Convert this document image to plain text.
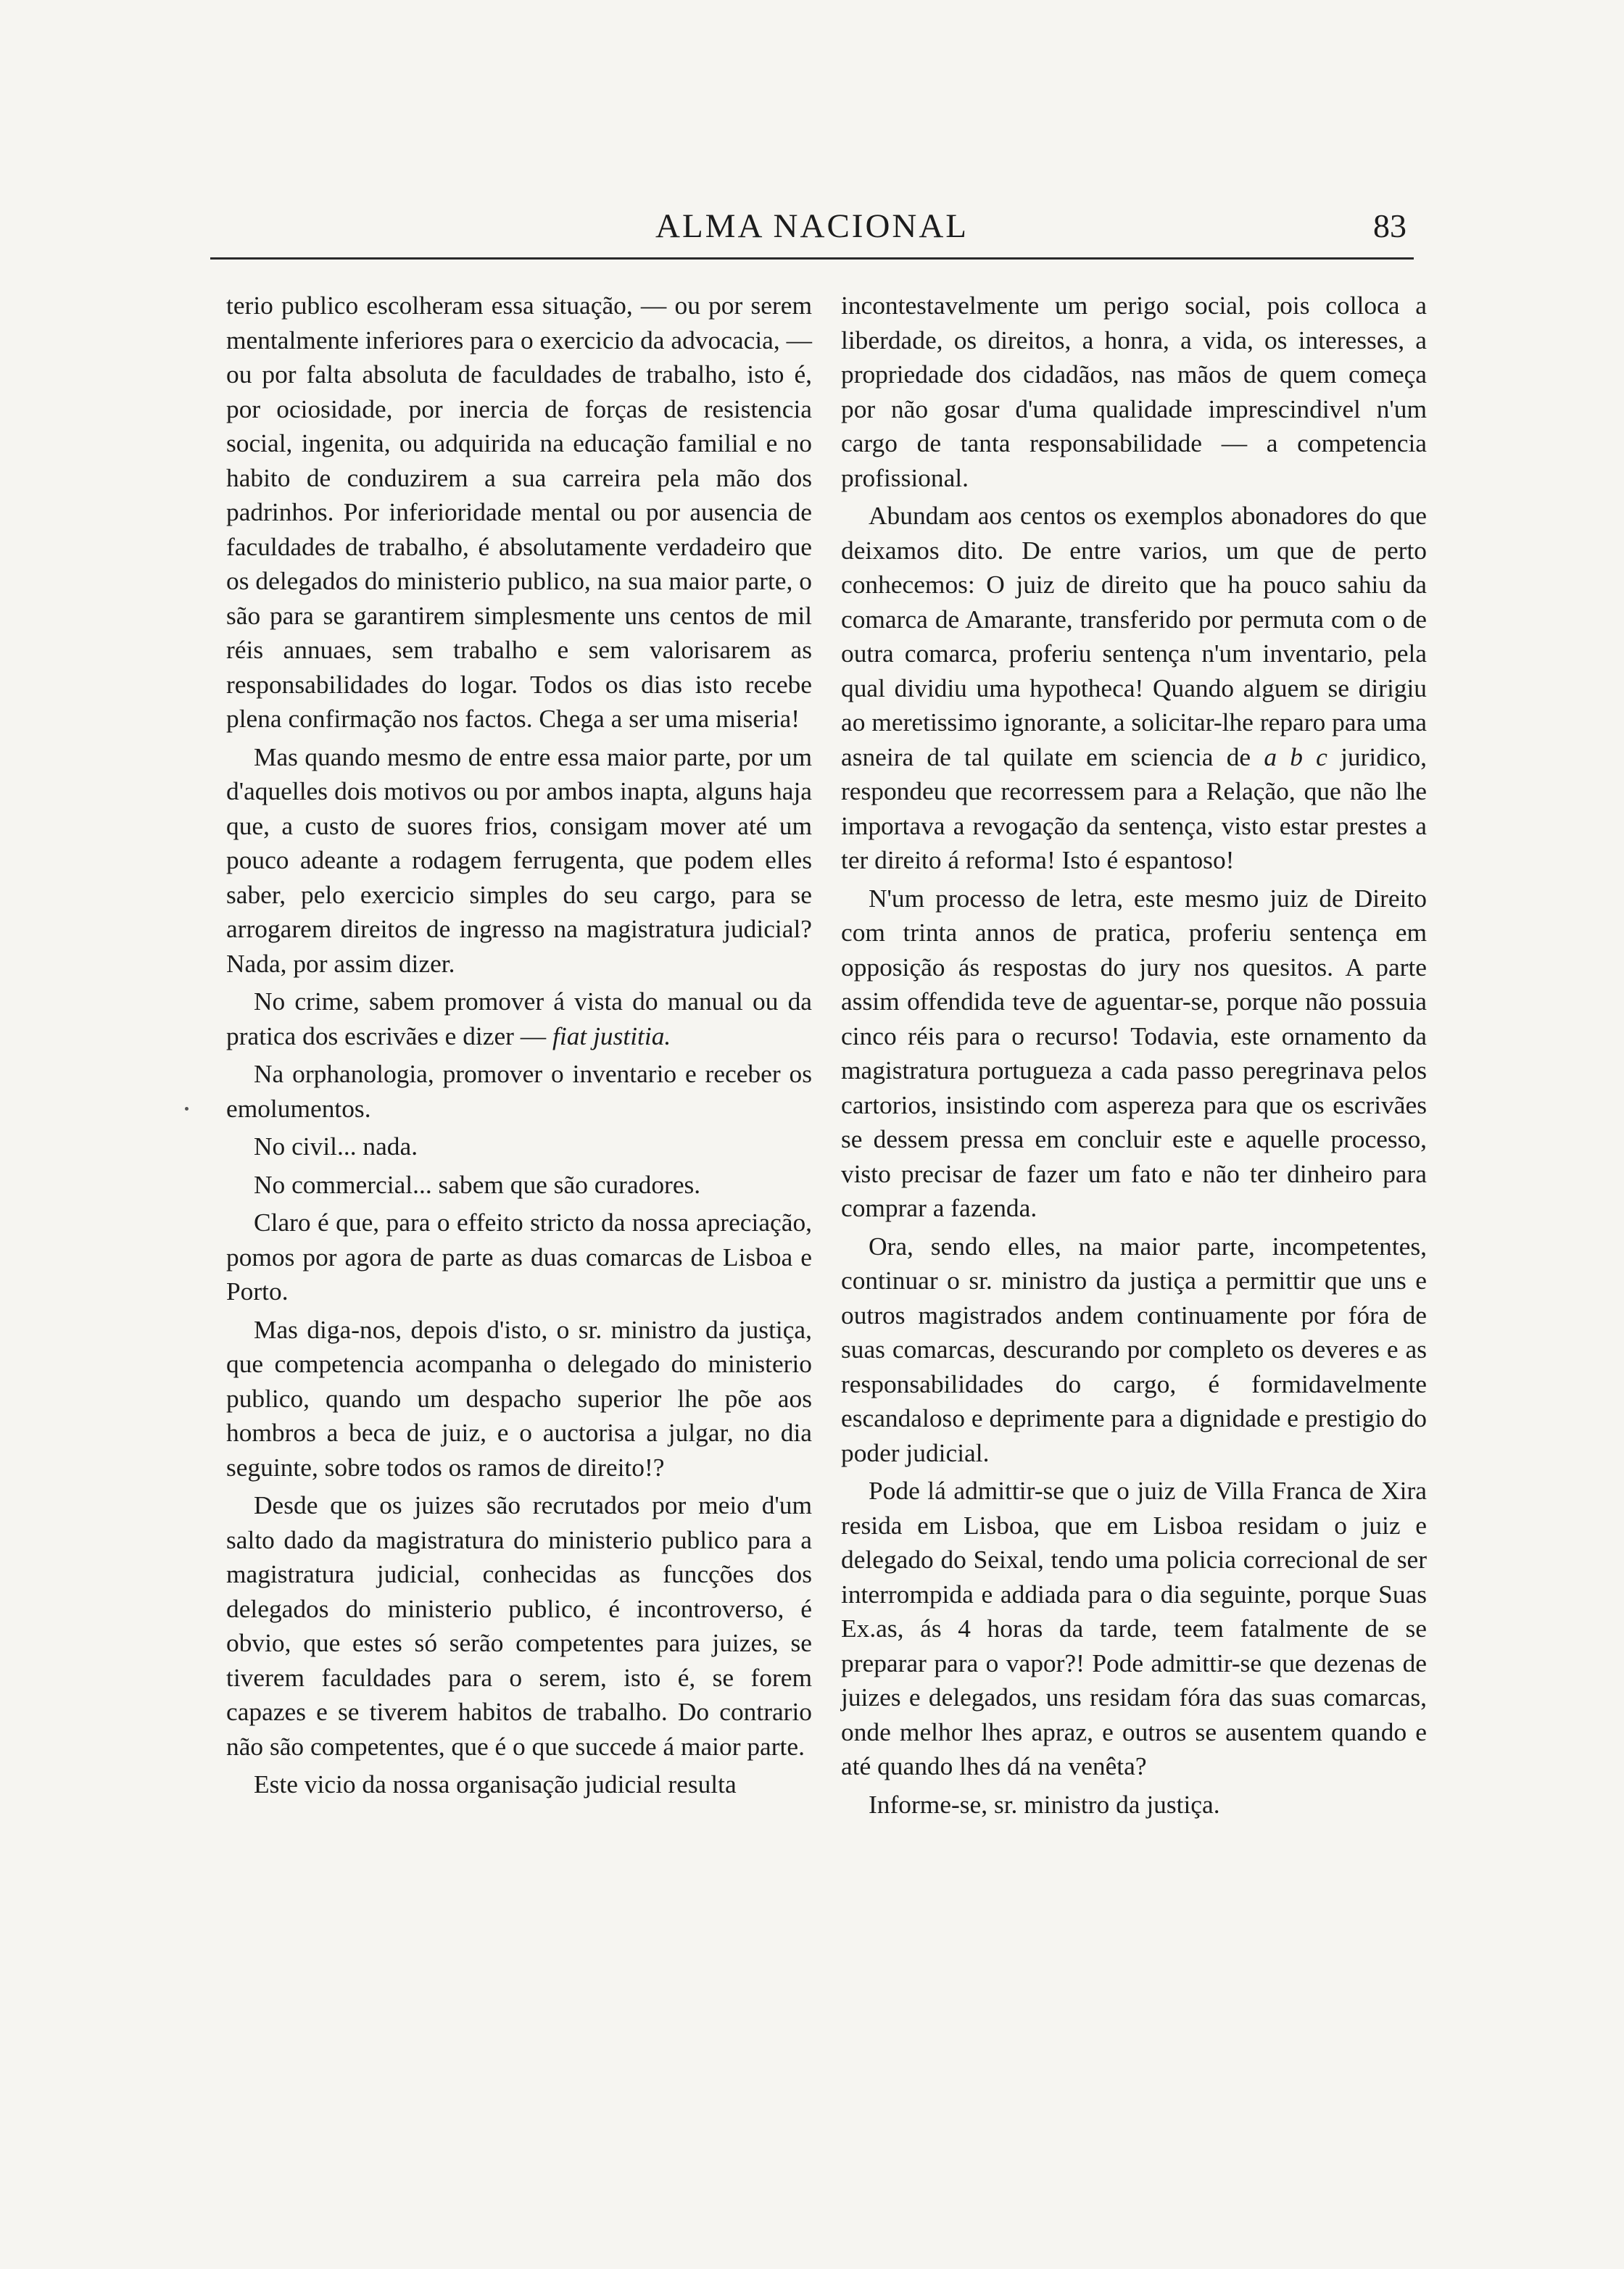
ALMA NACIONAL	83

terio publico escolheram essa situação, — ou por serem mentalmente inferiores para o exercicio da advocacia, — ou por falta absoluta de faculdades de trabalho, isto é, por ociosidade, por inercia de forças de resistencia social, ingenita, ou adquirida na educação familial e no habito de conduzirem a sua carreira pela mão dos padrinhos. Por inferioridade mental ou por ausencia de faculdades de trabalho, é absolutamente verdadeiro que os delegados do ministerio publico, na sua maior parte, o são para se garantirem simplesmente uns centos de mil réis annuaes, sem trabalho e sem valorisarem as responsabilidades do logar. Todos os dias isto recebe plena confirmação nos factos. Chega a ser uma miseria!

Mas quando mesmo de entre essa maior parte, por um d'aquelles dois motivos ou por ambos inapta, alguns haja que, a custo de suores frios, consigam mover até um pouco adeante a rodagem ferrugenta, que podem elles saber, pelo exercicio simples do seu cargo, para se arrogarem direitos de ingresso na magistratura judicial? Nada, por assim dizer.

No crime, sabem promover á vista do manual ou da pratica dos escrivães e dizer — fiat justitia.

Na orphanologia, promover o inventario e receber os emolumentos.

No civil... nada.

No commercial... sabem que são curadores.

Claro é que, para o effeito stricto da nossa apreciação, pomos por agora de parte as duas comarcas de Lisboa e Porto.

Mas diga-nos, depois d'isto, o sr. ministro da justiça, que competencia acompanha o delegado do ministerio publico, quando um despacho superior lhe põe aos hombros a beca de juiz, e o auctorisa a julgar, no dia seguinte, sobre todos os ramos de direito!?

Desde que os juizes são recrutados por meio d'um salto dado da magistratura do ministerio publico para a magistratura judicial, conhecidas as funcções dos delegados do ministerio publico, é incontroverso, é obvio, que estes só serão competentes para juizes, se tiverem faculdades para o serem, isto é, se forem capazes e se tiverem habitos de trabalho. Do contrario não são competentes, que é o que succede á maior parte.

Este vicio da nossa organisação judicial resulta

incontestavelmente um perigo social, pois colloca a liberdade, os direitos, a honra, a vida, os interesses, a propriedade dos cidadãos, nas mãos de quem começa por não gosar d'uma qualidade imprescindivel n'um cargo de tanta responsabilidade — a competencia profissional.

Abundam aos centos os exemplos abonadores do que deixamos dito. De entre varios, um que de perto conhecemos: O juiz de direito que ha pouco sahiu da comarca de Amarante, transferido por permuta com o de outra comarca, proferiu sentença n'um inventario, pela qual dividiu uma hypotheca! Quando alguem se dirigiu ao meretissimo ignorante, a solicitar-lhe reparo para uma asneira de tal quilate em sciencia de a b c juridico, respondeu que recorressem para a Relação, que não lhe importava a revogação da sentença, visto estar prestes a ter direito á reforma! Isto é espantoso!

N'um processo de letra, este mesmo juiz de Direito com trinta annos de pratica, proferiu sentença em opposição ás respostas do jury nos quesitos. A parte assim offendida teve de aguentar-se, porque não possuia cinco réis para o recurso! Todavia, este ornamento da magistratura portugueza a cada passo peregrinava pelos cartorios, insistindo com aspereza para que os escrivães se dessem pressa em concluir este e aquelle processo, visto precisar de fazer um fato e não ter dinheiro para comprar a fazenda.

Ora, sendo elles, na maior parte, incompetentes, continuar o sr. ministro da justiça a permittir que uns e outros magistrados andem continuamente por fóra de suas comarcas, descurando por completo os deveres e as responsabilidades do cargo, é formidavelmente escandaloso e deprimente para a dignidade e prestigio do poder judicial.

Pode lá admittir-se que o juiz de Villa Franca de Xira resida em Lisboa, que em Lisboa residam o juiz e delegado do Seixal, tendo uma policia correcional de ser interrompida e addiada para o dia seguinte, porque Suas Ex.as, ás 4 horas da tarde, teem fatalmente de se preparar para o vapor?! Pode admittir-se que dezenas de juizes e delegados, uns residam fóra das suas comarcas, onde melhor lhes apraz, e outros se ausentem quando e até quando lhes dá na venêta?

Informe-se, sr. ministro da justiça.
